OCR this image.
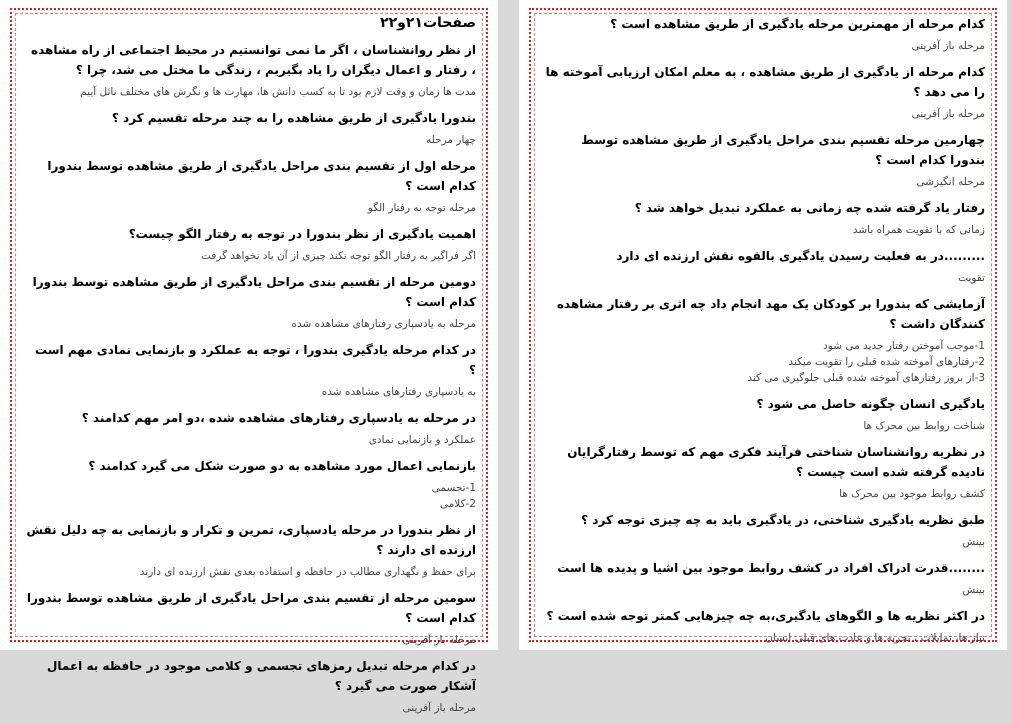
صفحات۲۱و۲۲
از نظر روانشناسان ، اگر ما نمی توانستیم در محیط اجتماعی از راه مشاهده ، رفتار و اعمال دیگران را یاد بگیریم ، زندگی ما مختل می شد، چرا ؟
مدت ها زمان و وقت لازم بود تا به کسب دانش ها، مهارت ها و نگرش های مختلف نائل آییم
بندورا یادگیری از طریق مشاهده را به چند مرحله تقسیم کرد ؟
چهار مرحله
مرحله اول از تقسیم بندی مراحل یادگیری از طریق مشاهده توسط بندورا کدام است ؟
مرحله توجه به رفتار الگو
اهمیت یادگیری از نظر بندورا در توجه به رفتار الگو چیست؟
اگر فراگیر به رفتار الگو توجه نکند چیزی از آن یاد نخواهد گرفت
دومین مرحله از تقسیم بندی مراحل یادگیری از طریق مشاهده توسط بندورا کدام است ؟
مرحله به یادسپاری رفتارهای مشاهده شده
در کدام مرحله یادگیری بندورا ، توجه به عملکرد و بازنمایی نمادی مهم است ؟
به یادسپاری رفتارهای مشاهده شده
در مرحله به یادسپاری رفتارهای مشاهده شده ،دو امر مهم کدامند ؟
عملکرد و بازنمایی نمادی
بازنمایی اعمال مورد مشاهده به دو صورت شکل می گیرد کدامند ؟
1-تجسمی
2-کلامی
از نظر بندورا در مرحله یادسپاری، تمرین و تکرار و بازنمایی به چه دلیل نقش ارزنده ای دارند ؟
برای حفظ و نگهداری مطالب در حافظه و استفاده بعدی نقش ارزنده ای دارند
سومین مرحله از تقسیم بندی مراحل یادگیری از طریق مشاهده توسط بندورا کدام است ؟
مرحله باز آفرینی
در کدام مرحله تبدیل رمزهای تجسمی و کلامی موجود در حافظه به اعمال آشکار صورت می گیرد ؟
مرحله باز آفرینی
کدام مرحله از مهمترین مرحله یادگیری از طریق مشاهده است ؟
مرحله باز آفرینی
کدام مرحله از یادگیری از طریق مشاهده ، به معلم امکان ارزیابی آموخته ها را می دهد ؟
مرحله باز آفرینی
چهارمین مرحله تقسیم بندی مراحل یادگیری از طریق مشاهده توسط بندورا کدام است ؟
مرحله انگیزشی
رفتار یاد گرفته شده چه زمانی به عملکرد تبدیل خواهد شد ؟
زمانی که با تقویت همراه باشد
.........در به فعلیت رسیدن یادگیری بالقوه نقش ارزنده ای دارد
تقویت
آزمایشی که بندورا بر کودکان یک مهد انجام داد چه اثری بر رفتار مشاهده کنندگان داشت ؟
1-موجب آموختن رفتار جدید می شود
2-رفتارهای آموخته شده قبلی را تقویت میکند
3-از بروز رفتارهای آموخته شده قبلی جلوگیری می کند
یادگیری انسان چگونه حاصل می شود ؟
شناخت روابط بین محرک ها
در نظریه روانشناسان شناختی فرآیند فکری مهم که توسط رفتارگرایان نادیده گرفته شده است چیست ؟
کشف روابط موجود بین محرک ها
طبق نظریه یادگیری شناختی، در یادگیری باید به چه چیزی توجه کرد ؟
بینش
........قدرت ادراک افراد در کشف روابط موجود بین اشیا و پدیده ها است
بینش
در اکثر نظریه ها و الگوهای یادگیری،به چه چیزهایی کمتر توجه شده است ؟
نیاز ها، تمایلات ، تجربه ها و عادت های قبلی انسان
